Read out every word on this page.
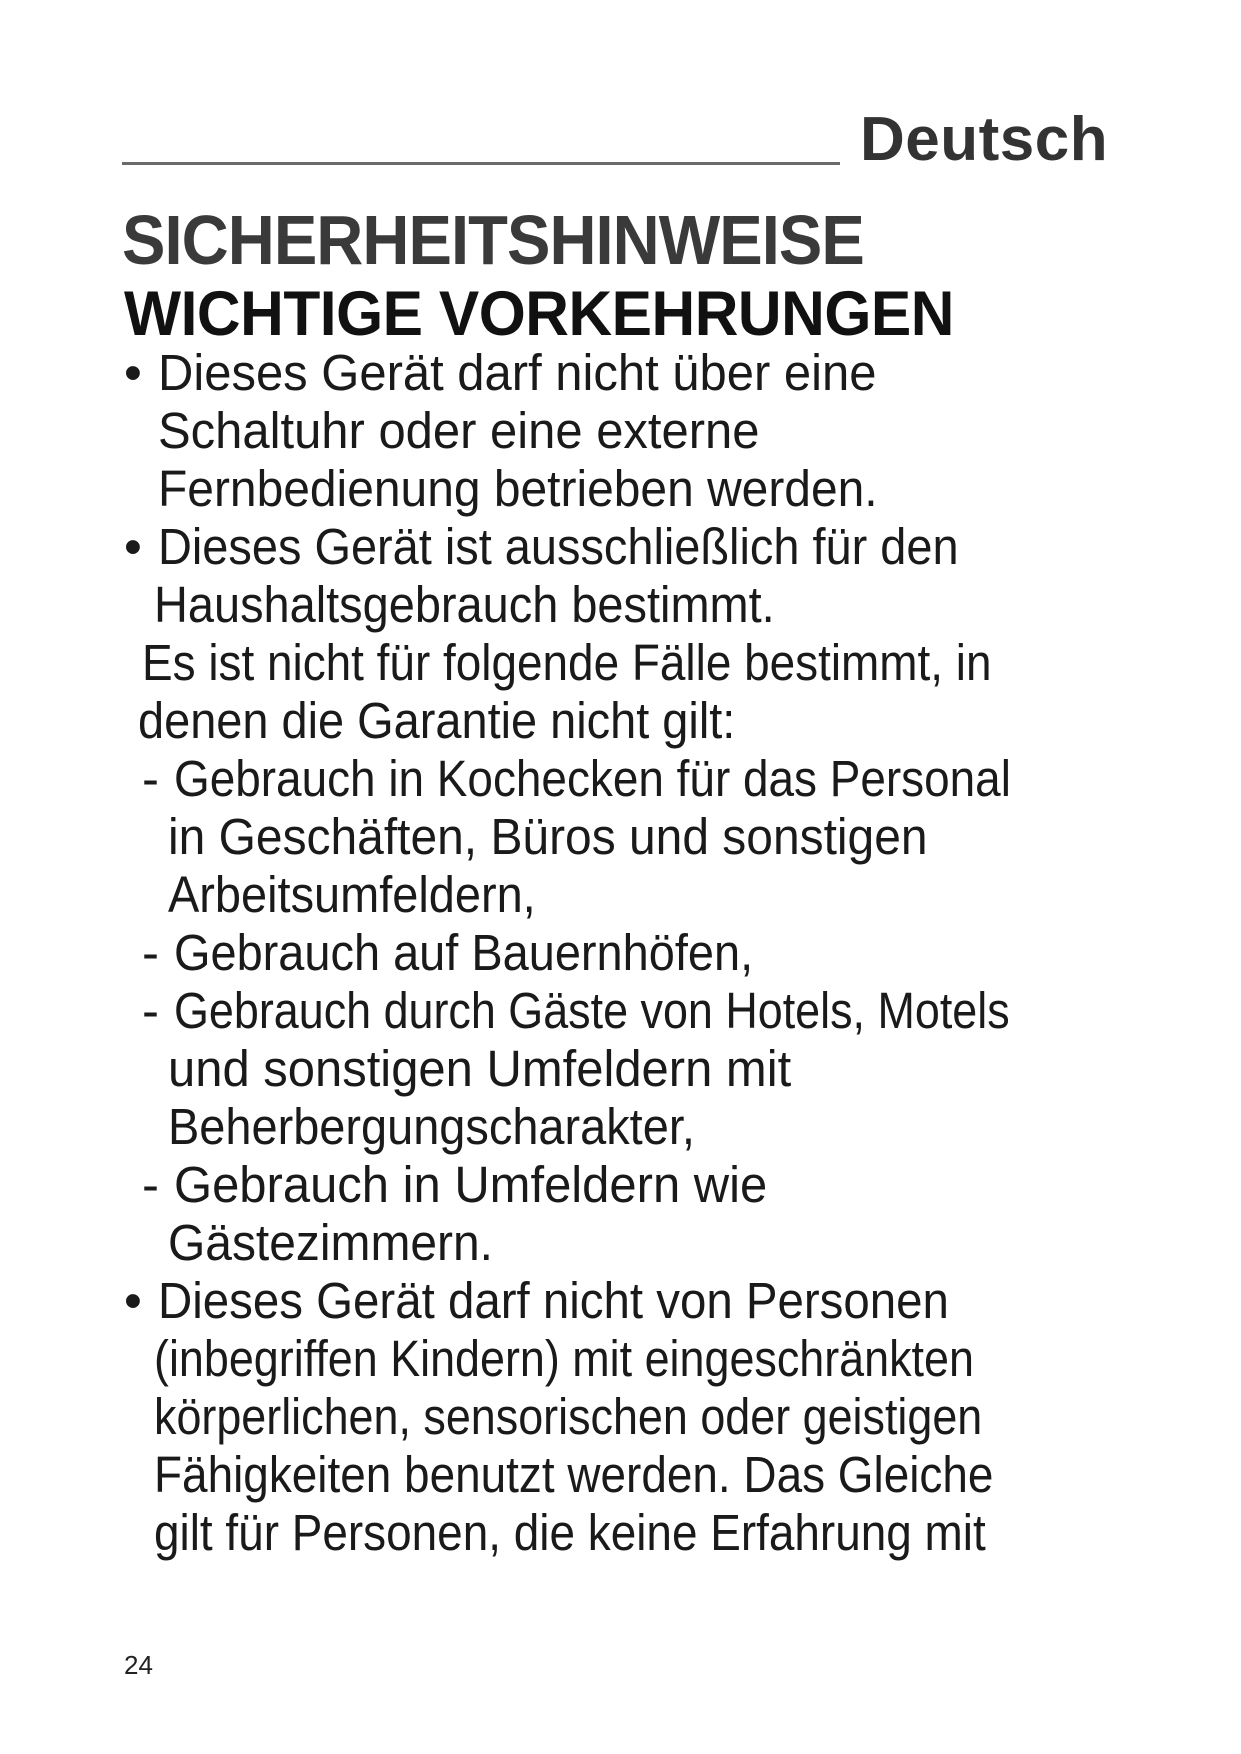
Deutsch
SICHERHEITSHINWEISE
WICHTIGE VORKEHRUNGEN
• Dieses Gerät darf nicht über eine
Schaltuhr oder eine externe
Fernbedienung betrieben werden.
• Dieses Gerät ist ausschließlich für den
Haushaltsgebrauch bestimmt.
Es ist nicht für folgende Fälle bestimmt, in
denen die Garantie nicht gilt:
- Gebrauch in Kochecken für das Personal
in Geschäften, Büros und sonstigen
Arbeitsumfeldern,
- Gebrauch auf Bauernhöfen,
- Gebrauch durch Gäste von Hotels, Motels
und sonstigen Umfeldern mit
Beherbergungscharakter,
- Gebrauch in Umfeldern wie
Gästezimmern.
• Dieses Gerät darf nicht von Personen
(inbegriffen Kindern) mit eingeschränkten
körperlichen, sensorischen oder geistigen
Fähigkeiten benutzt werden. Das Gleiche
gilt für Personen, die keine Erfahrung mit
24
